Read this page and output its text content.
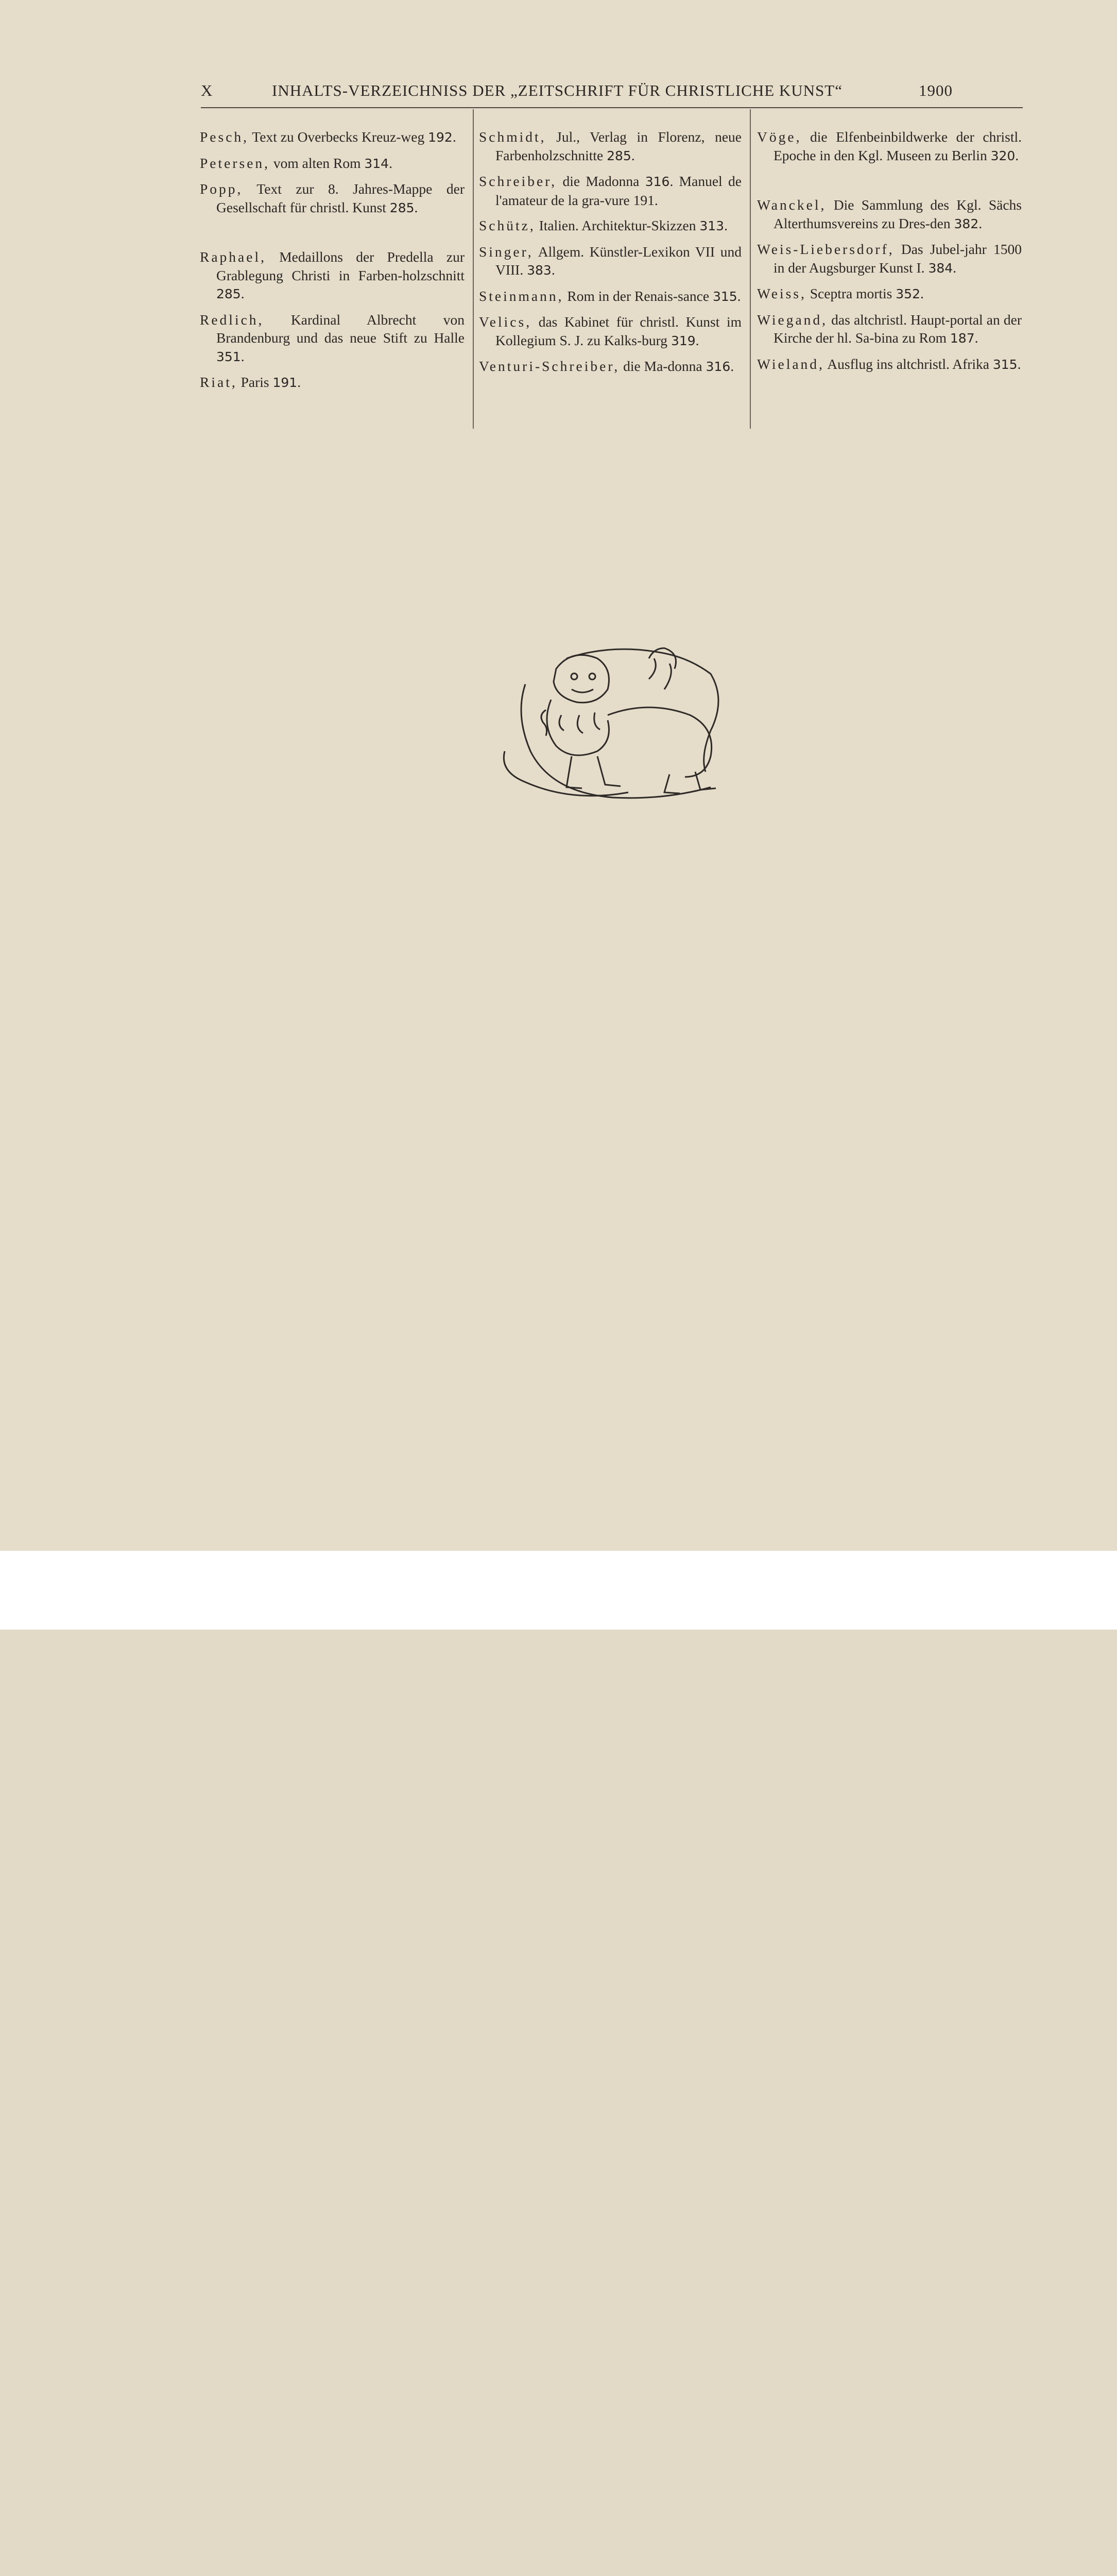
X	INHALTS-VERZEICHNISS DER „ZEITSCHRIFT FÜR CHRISTLICHE KUNST“	1900
Pesch, Text zu Overbecks Kreuz-weg 192.
Petersen, vom alten Rom 314.
Popp, Text zur 8. Jahres-Mappe der Gesellschaft für christl. Kunst 285.
Raphael, Medaillons der Predella zur Grablegung Christi in Farben-holzschnitt 285.
Redlich, Kardinal Albrecht von Brandenburg und das neue Stift zu Halle 351.
Riat, Paris 191.
Schmidt, Jul., Verlag in Florenz, neue Farbenholzschnitte 285.
Schreiber, die Madonna 316. Manuel de l'amateur de la gra-vure 191.
Schütz, Italien. Architektur-Skizzen 313.
Singer, Allgem. Künstler-Lexikon VII und VIII. 383.
Steinmann, Rom in der Renais-sance 315.
Velics, das Kabinet für christl. Kunst im Kollegium S. J. zu Kalks-burg 319.
Venturi-Schreiber, die Ma-donna 316.
Vöge, die Elfenbeinbildwerke der christl. Epoche in den Kgl. Museen zu Berlin 320.
Wanckel, Die Sammlung des Kgl. Sächs Alterthumsvereins zu Dres-den 382.
Weis-Liebersdorf, Das Jubel-jahr 1500 in der Augsburger Kunst I. 384.
Weiss, Sceptra mortis 352.
Wiegand, das altchristl. Haupt-portal an der Kirche der hl. Sa-bina zu Rom 187.
Wieland, Ausflug ins altchristl. Afrika 315.
